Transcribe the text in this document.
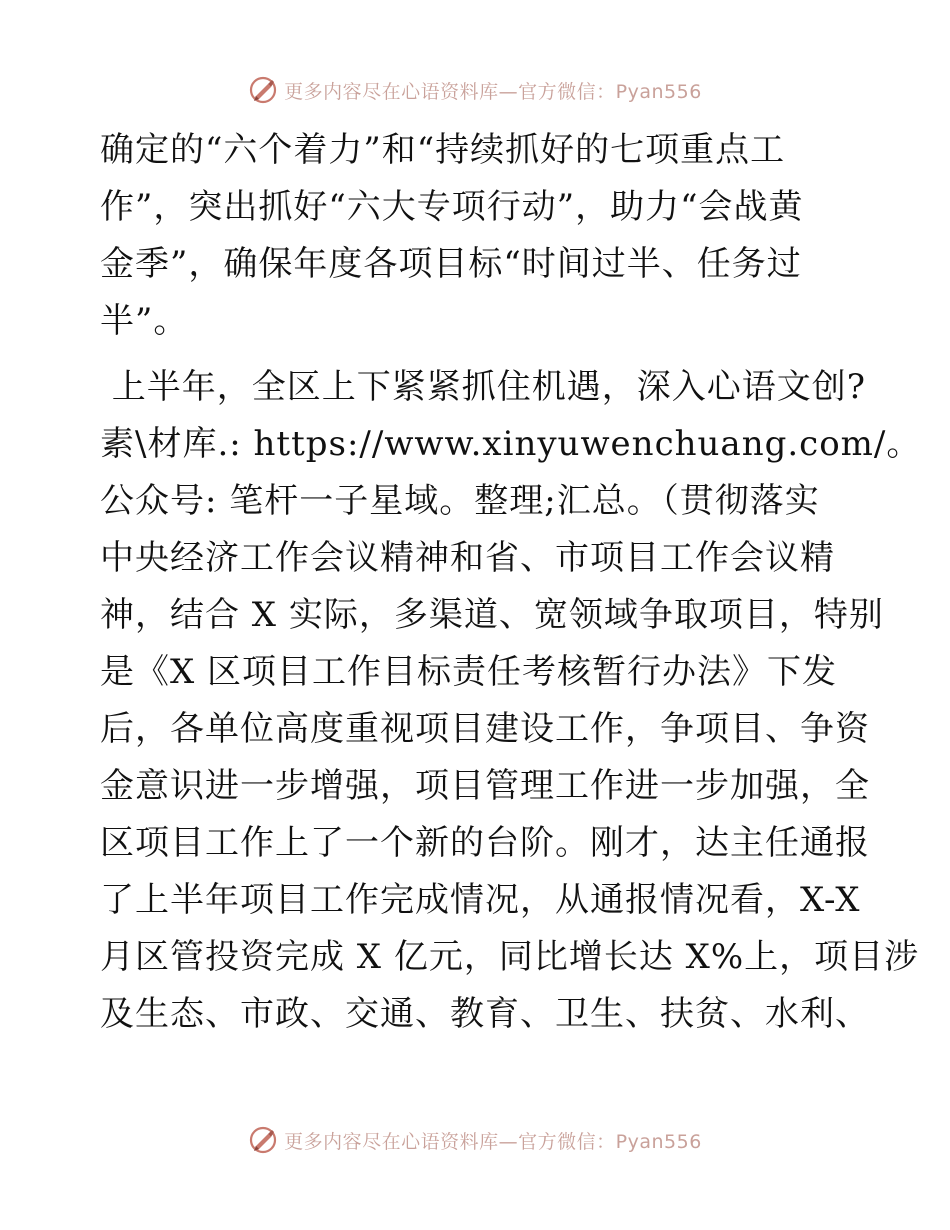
更多内容尽在心语资料库—官方微信：Pyan556
确定的“六个着力”和“持续抓好的七项重点工
作”，突出抓好“六大专项行动”，助力“会战黄
金季”，确保年度各项目标“时间过半、任务过
半”。
上半年，全区上下紧紧抓住机遇，深入心语文创?
素\材库.: https://www.xinyuwenchuang.com/。
公众号: 笔杆一子星域。整理;汇总。（贯彻落实
中央经济工作会议精神和省、市项目工作会议精
神，结合 X 实际，多渠道、宽领域争取项目，特别
是《X 区项目工作目标责任考核暂行办法》下发
后，各单位高度重视项目建设工作，争项目、争资
金意识进一步增强，项目管理工作进一步加强，全
区项目工作上了一个新的台阶。刚才，达主任通报
了上半年项目工作完成情况，从通报情况看，X-X
月区管投资完成 X 亿元，同比增长达 X%上，项目涉
及生态、市政、交通、教育、卫生、扶贫、水利、
更多内容尽在心语资料库—官方微信：Pyan556
